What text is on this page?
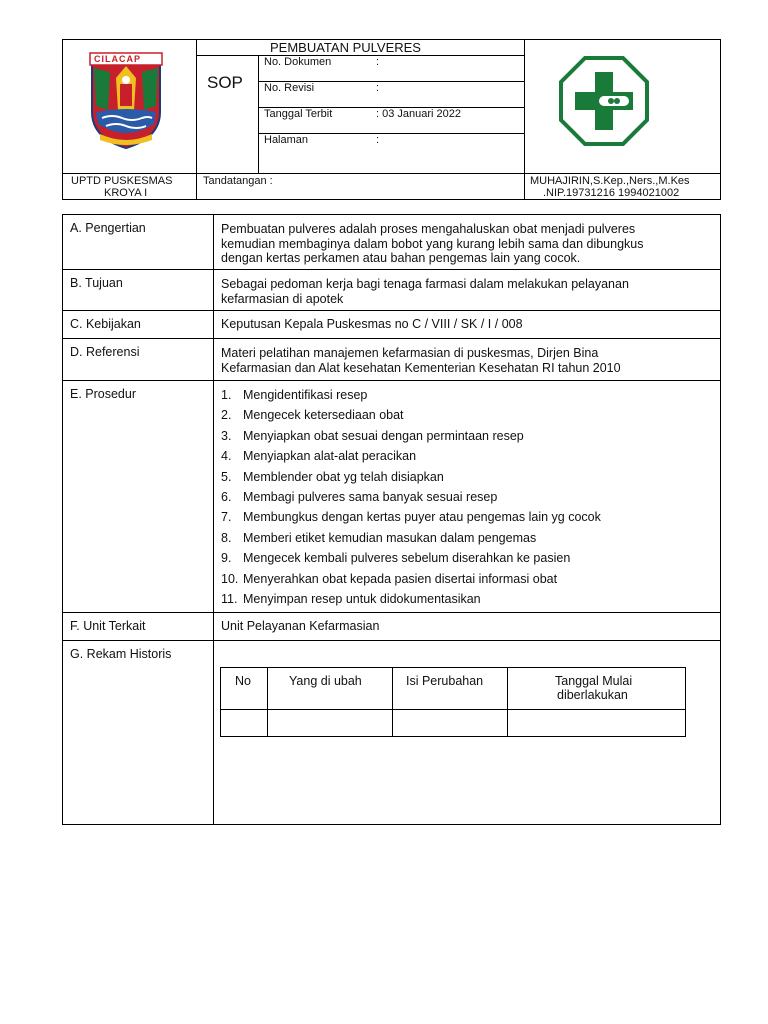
CILACAP
PEMBUATAN PULVERES
SOP
No. Dokumen	:
No. Revisi	:
Tanggal Terbit	: 03 Januari 2022
Halaman	:
UPTD PUSKESMAS
KROYA I
Tandatangan :	MUHAJIRIN,S.Kep.,Ners.,M.Kes
.NIP.19731216 1994021002
A. Pengertian	Pembuatan pulveres adalah proses mengahaluskan obat menjadi pulveres
kemudian membaginya dalam bobot yang kurang lebih sama dan dibungkus
dengan kertas perkamen atau bahan pengemas lain yang cocok.
B. Tujuan	Sebagai pedoman kerja bagi tenaga farmasi dalam melakukan pelayanan
kefarmasian di apotek
C. Kebijakan	Keputusan Kepala Puskesmas no C / VIII / SK / I / 008
D. Referensi	Materi pelatihan manajemen kefarmasian di puskesmas, Dirjen Bina
Kefarmasian dan Alat kesehatan Kementerian Kesehatan RI tahun 2010
E. Prosedur	1. Mengidentifikasi resep
2. Mengecek ketersediaan obat
3. Menyiapkan obat sesuai dengan permintaan resep
4. Menyiapkan alat-alat peracikan
5. Memblender obat yg telah disiapkan
6. Membagi pulveres sama banyak sesuai resep
7. Membungkus dengan kertas puyer atau pengemas lain yg cocok
8. Memberi etiket kemudian masukan dalam pengemas
9. Mengecek kembali pulveres sebelum diserahkan ke pasien
10. Menyerahkan obat kepada pasien disertai informasi obat
11. Menyimpan resep untuk didokumentasikan
F. Unit Terkait	Unit Pelayanan Kefarmasian
G. Rekam Historis
No	Yang di ubah	Isi Perubahan	Tanggal Mulai
diberlakukan
